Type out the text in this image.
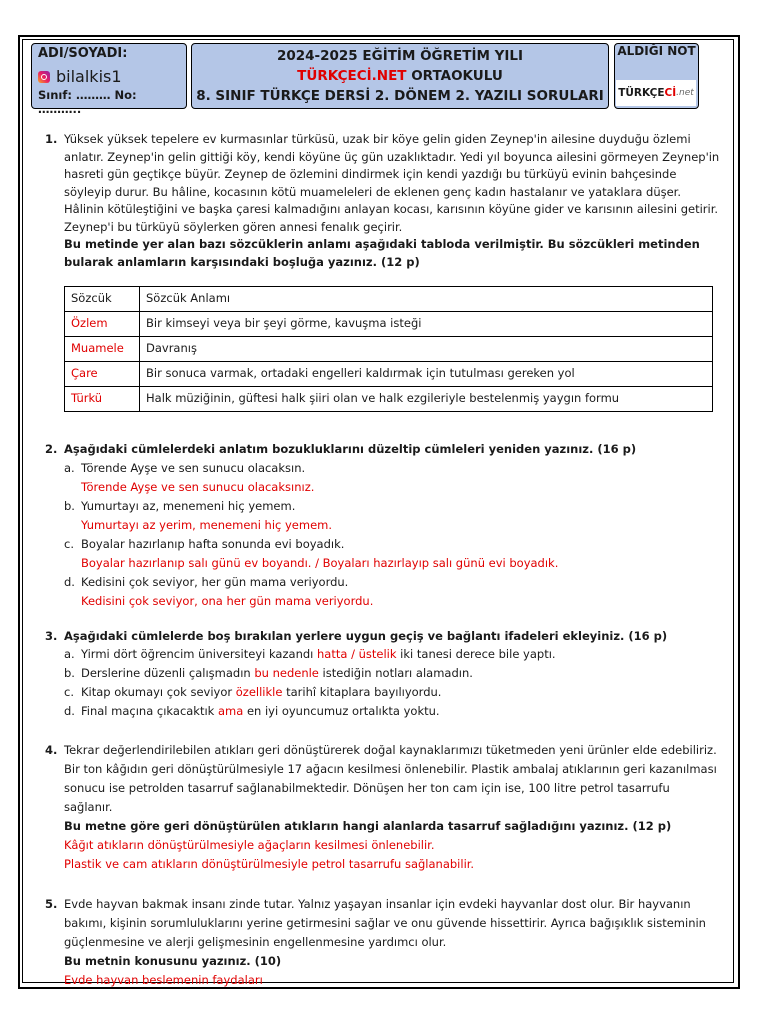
ADI/SOYADI:
bilalkis1
Sınıf: ……… No: ………..
2024-2025 EĞİTİM ÖĞRETİM YILI
TÜRKÇECİ.NET ORTAOKULU
8. SINIF TÜRKÇE DERSİ 2. DÖNEM 2. YAZILI SORULARI
ALDIĞI NOT
TÜRKÇE Cİ .net
1. Yüksek yüksek tepelere ev kurmasınlar türküsü, uzak bir köye gelin giden Zeynep'in ailesine duyduğu özlemi anlatır. Zeynep'in gelin gittiği köy, kendi köyüne üç gün uzaklıktadır. Yedi yıl boyunca ailesini görmeyen Zeynep'in hasreti gün geçtikçe büyür. Zeynep de özlemini dindirmek için kendi yazdığı bu türküyü evinin bahçesinde söyleyip durur. Bu hâline, kocasının kötü muameleleri de eklenen genç kadın hastalanır ve yataklara düşer. Hâlinin kötüleştiğini ve başka çaresi kalmadığını anlayan kocası, karısının köyüne gider ve karısının ailesini getirir. Zeynep'i bu türküyü söylerken gören annesi fenalık geçirir.
Bu metinde yer alan bazı sözcüklerin anlamı aşağıdaki tabloda verilmiştir. Bu sözcükleri metinden bularak anlamların karşısındaki boşluğa yazınız. (12 p)
Sözcük	Sözcük Anlamı
Özlem	Bir kimseyi veya bir şeyi görme, kavuşma isteği
Muamele	Davranış
Çare	Bir sonuca varmak, ortadaki engelleri kaldırmak için tutulması gereken yol
Türkü	Halk müziğinin, güftesi halk şiiri olan ve halk ezgileriyle bestelenmiş yaygın formu
2. Aşağıdaki cümlelerdeki anlatım bozukluklarını düzeltip cümleleri yeniden yazınız. (16 p)
a. Törende Ayşe ve sen sunucu olacaksın.
Törende Ayşe ve sen sunucu olacaksınız.
b. Yumurtayı az, menemeni hiç yemem.
Yumurtayı az yerim, menemeni hiç yemem.
c. Boyalar hazırlanıp hafta sonunda evi boyadık.
Boyalar hazırlanıp salı günü ev boyandı. / Boyaları hazırlayıp salı günü evi boyadık.
d. Kedisini çok seviyor, her gün mama veriyordu.
Kedisini çok seviyor, ona her gün mama veriyordu.
3. Aşağıdaki cümlelerde boş bırakılan yerlere uygun geçiş ve bağlantı ifadeleri ekleyiniz. (16 p)
a. Yirmi dört öğrencim üniversiteyi kazandı hatta / üstelik iki tanesi derece bile yaptı.
b. Derslerine düzenli çalışmadın bu nedenle istediğin notları alamadın.
c. Kitap okumayı çok seviyor özellikle tarihî kitaplara bayılıyordu.
d. Final maçına çıkacaktık ama en iyi oyuncumuz ortalıkta yoktu.
4. Tekrar değerlendirilebilen atıkları geri dönüştürerek doğal kaynaklarımızı tüketmeden yeni ürünler elde edebiliriz. Bir ton kâğıdın geri dönüştürülmesiyle 17 ağacın kesilmesi önlenebilir. Plastik ambalaj atıklarının geri kazanılması sonucu ise petrolden tasarruf sağlanabilmektedir. Dönüşen her ton cam için ise, 100 litre petrol tasarrufu sağlanır.
Bu metne göre geri dönüştürülen atıkların hangi alanlarda tasarruf sağladığını yazınız. (12 p)
Kâğıt atıkların dönüştürülmesiyle ağaçların kesilmesi önlenebilir.
Plastik ve cam atıkların dönüştürülmesiyle petrol tasarrufu sağlanabilir.
5. Evde hayvan bakmak insanı zinde tutar. Yalnız yaşayan insanlar için evdeki hayvanlar dost olur. Bir hayvanın bakımı, kişinin sorumluluklarını yerine getirmesini sağlar ve onu güvende hissettirir. Ayrıca bağışıklık sisteminin güçlenmesine ve alerji gelişmesinin engellenmesine yardımcı olur.
Bu metnin konusunu yazınız. (10)
Evde hayvan beslemenin faydaları
